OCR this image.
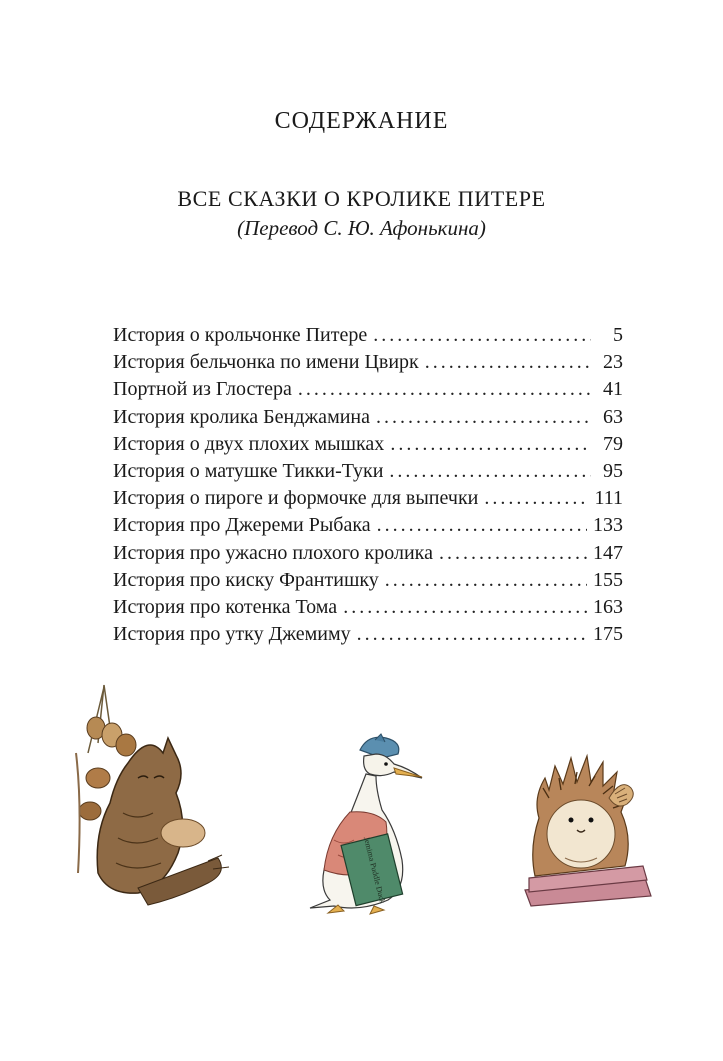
СОДЕРЖАНИЕ
ВСЕ СКАЗКИ О КРОЛИКЕ ПИТЕРЕ
(Перевод С. Ю. Афонькина)
История о крольчонке Питере . . .	5
История бельчонка по имени Цвирк . . .	23
Портной из Глостера . . .	41
История кролика Бенджамина . . .	63
История о двух плохих мышках . . .	79
История о матушке Тикки-Туки . . .	95
История о пироге и формочке для выпечки . . .	111
История про Джереми Рыбака . . .	133
История про ужасно плохого кролика . . .	147
История про киску Франтишку . . .	155
История про котенка Тома . . .	163
История про утку Джемиму . . .	175
Jemima Puddle Duck
